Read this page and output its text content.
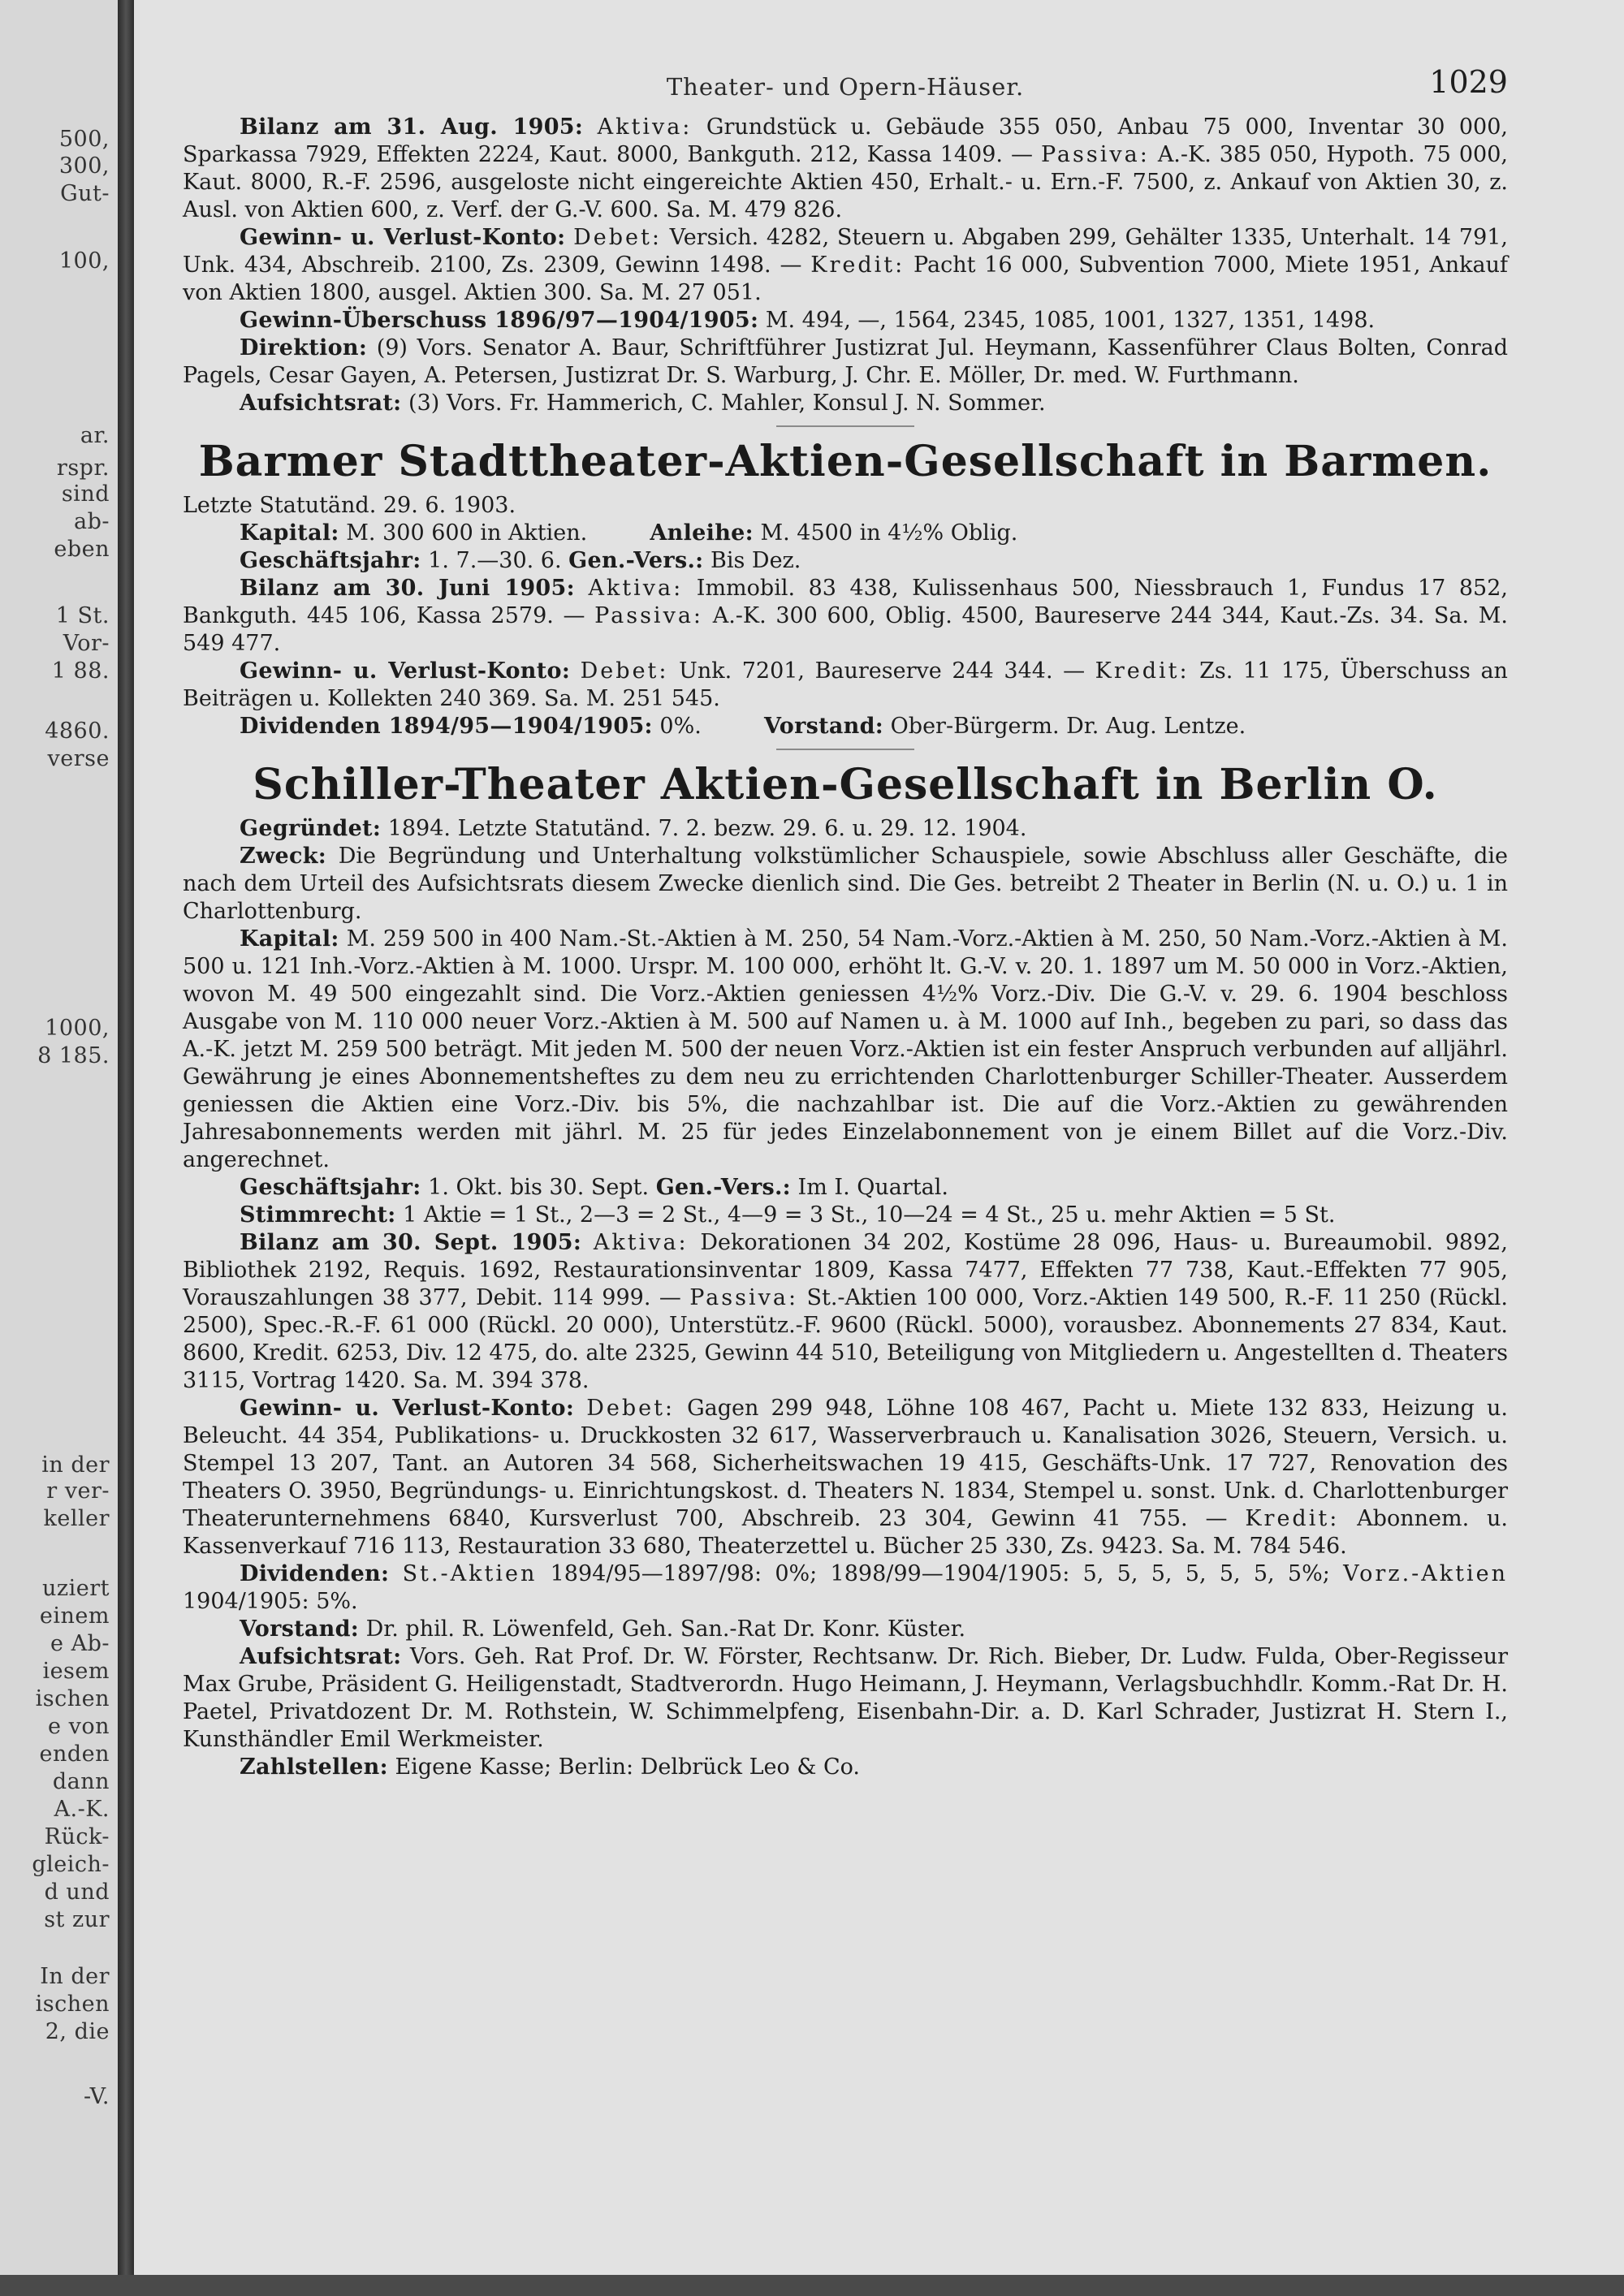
500,
300,
Gut-
100,
ar.
rspr.
sind
ab-
eben
1 St.
Vor-
1 88.
4860.
verse
1000,
8 185.
in der
r ver-
keller
uziert
einem
e Ab-
iesem
ischen
e von
enden
dann
A.-K.
Rück-
gleich-
d und
st zur
In der
ischen
2, die
-V.
Theater- und Opern-Häuser.	1029

Bilanz am 31. Aug. 1905: Aktiva: Grundstück u. Gebäude 355 050, Anbau 75 000, Inventar 30 000, Sparkassa 7929, Effekten 2224, Kaut. 8000, Bankguth. 212, Kassa 1409. — Passiva: A.-K. 385 050, Hypoth. 75 000, Kaut. 8000, R.-F. 2596, ausgeloste nicht eingereichte Aktien 450, Erhalt.- u. Ern.-F. 7500, z. Ankauf von Aktien 30, z. Ausl. von Aktien 600, z. Verf. der G.-V. 600. Sa. M. 479 826.

Gewinn- u. Verlust-Konto: Debet: Versich. 4282, Steuern u. Abgaben 299, Gehälter 1335, Unterhalt. 14 791, Unk. 434, Abschreib. 2100, Zs. 2309, Gewinn 1498. — Kredit: Pacht 16 000, Subvention 7000, Miete 1951, Ankauf von Aktien 1800, ausgel. Aktien 300. Sa. M. 27 051.

Gewinn-Überschuss 1896/97—1904/1905: M. 494, —, 1564, 2345, 1085, 1001, 1327, 1351, 1498.

Direktion: (9) Vors. Senator A. Baur, Schriftführer Justizrat Jul. Heymann, Kassenführer Claus Bolten, Conrad Pagels, Cesar Gayen, A. Petersen, Justizrat Dr. S. Warburg, J. Chr. E. Möller, Dr. med. W. Furthmann.

Aufsichtsrat: (3) Vors. Fr. Hammerich, C. Mahler, Konsul J. N. Sommer.

Barmer Stadttheater-Aktien-Gesellschaft in Barmen.

Letzte Statutänd. 29. 6. 1903.

Kapital: M. 300 600 in Aktien.	Anleihe: M. 4500 in 4½% Oblig.

Geschäftsjahr: 1. 7.—30. 6. Gen.-Vers.: Bis Dez.

Bilanz am 30. Juni 1905: Aktiva: Immobil. 83 438, Kulissenhaus 500, Niessbrauch 1, Fundus 17 852, Bankguth. 445 106, Kassa 2579. — Passiva: A.-K. 300 600, Oblig. 4500, Baureserve 244 344, Kaut.-Zs. 34. Sa. M. 549 477.

Gewinn- u. Verlust-Konto: Debet: Unk. 7201, Baureserve 244 344. — Kredit: Zs. 11 175, Überschuss an Beiträgen u. Kollekten 240 369. Sa. M. 251 545.

Dividenden 1894/95—1904/1905: 0%.	Vorstand: Ober-Bürgerm. Dr. Aug. Lentze.

Schiller-Theater Aktien-Gesellschaft in Berlin O.

Gegründet: 1894. Letzte Statutänd. 7. 2. bezw. 29. 6. u. 29. 12. 1904.

Zweck: Die Begründung und Unterhaltung volkstümlicher Schauspiele, sowie Abschluss aller Geschäfte, die nach dem Urteil des Aufsichtsrats diesem Zwecke dienlich sind. Die Ges. betreibt 2 Theater in Berlin (N. u. O.) u. 1 in Charlottenburg.

Kapital: M. 259 500 in 400 Nam.-St.-Aktien à M. 250, 54 Nam.-Vorz.-Aktien à M. 250, 50 Nam.-Vorz.-Aktien à M. 500 u. 121 Inh.-Vorz.-Aktien à M. 1000. Urspr. M. 100 000, erhöht lt. G.-V. v. 20. 1. 1897 um M. 50 000 in Vorz.-Aktien, wovon M. 49 500 eingezahlt sind. Die Vorz.-Aktien geniessen 4½% Vorz.-Div. Die G.-V. v. 29. 6. 1904 beschloss Ausgabe von M. 110 000 neuer Vorz.-Aktien à M. 500 auf Namen u. à M. 1000 auf Inh., begeben zu pari, so dass das A.-K. jetzt M. 259 500 beträgt. Mit jeden M. 500 der neuen Vorz.-Aktien ist ein fester Anspruch verbunden auf alljährl. Gewährung je eines Abonnementsheftes zu dem neu zu errichtenden Charlottenburger Schiller-Theater. Ausserdem geniessen die Aktien eine Vorz.-Div. bis 5%, die nachzahlbar ist. Die auf die Vorz.-Aktien zu gewährenden Jahresabonnements werden mit jährl. M. 25 für jedes Einzelabonnement von je einem Billet auf die Vorz.-Div. angerechnet.

Geschäftsjahr: 1. Okt. bis 30. Sept. Gen.-Vers.: Im I. Quartal.

Stimmrecht: 1 Aktie = 1 St., 2—3 = 2 St., 4—9 = 3 St., 10—24 = 4 St., 25 u. mehr Aktien = 5 St.

Bilanz am 30. Sept. 1905: Aktiva: Dekorationen 34 202, Kostüme 28 096, Haus- u. Bureaumobil. 9892, Bibliothek 2192, Requis. 1692, Restaurationsinventar 1809, Kassa 7477, Effekten 77 738, Kaut.-Effekten 77 905, Vorauszahlungen 38 377, Debit. 114 999. — Passiva: St.-Aktien 100 000, Vorz.-Aktien 149 500, R.-F. 11 250 (Rückl. 2500), Spec.-R.-F. 61 000 (Rückl. 20 000), Unterstütz.-F. 9600 (Rückl. 5000), vorausbez. Abonnements 27 834, Kaut. 8600, Kredit. 6253, Div. 12 475, do. alte 2325, Gewinn 44 510, Beteiligung von Mitgliedern u. Angestellten d. Theaters 3115, Vortrag 1420. Sa. M. 394 378.

Gewinn- u. Verlust-Konto: Debet: Gagen 299 948, Löhne 108 467, Pacht u. Miete 132 833, Heizung u. Beleucht. 44 354, Publikations- u. Druckkosten 32 617, Wasserverbrauch u. Kanalisation 3026, Steuern, Versich. u. Stempel 13 207, Tant. an Autoren 34 568, Sicherheitswachen 19 415, Geschäfts-Unk. 17 727, Renovation des Theaters O. 3950, Begründungs- u. Einrichtungskost. d. Theaters N. 1834, Stempel u. sonst. Unk. d. Charlottenburger Theaterunternehmens 6840, Kursverlust 700, Abschreib. 23 304, Gewinn 41 755. — Kredit: Abonnem. u. Kassenverkauf 716 113, Restauration 33 680, Theaterzettel u. Bücher 25 330, Zs. 9423. Sa. M. 784 546.

Dividenden: St.-Aktien 1894/95—1897/98: 0%; 1898/99—1904/1905: 5, 5, 5, 5, 5, 5, 5%; Vorz.-Aktien 1904/1905: 5%.

Vorstand: Dr. phil. R. Löwenfeld, Geh. San.-Rat Dr. Konr. Küster.

Aufsichtsrat: Vors. Geh. Rat Prof. Dr. W. Förster, Rechtsanw. Dr. Rich. Bieber, Dr. Ludw. Fulda, Ober-Regisseur Max Grube, Präsident G. Heiligenstadt, Stadtverordn. Hugo Heimann, J. Heymann, Verlagsbuchhdlr. Komm.-Rat Dr. H. Paetel, Privatdozent Dr. M. Rothstein, W. Schimmelpfeng, Eisenbahn-Dir. a. D. Karl Schrader, Justizrat H. Stern I., Kunsthändler Emil Werkmeister.

Zahlstellen: Eigene Kasse; Berlin: Delbrück Leo & Co.
